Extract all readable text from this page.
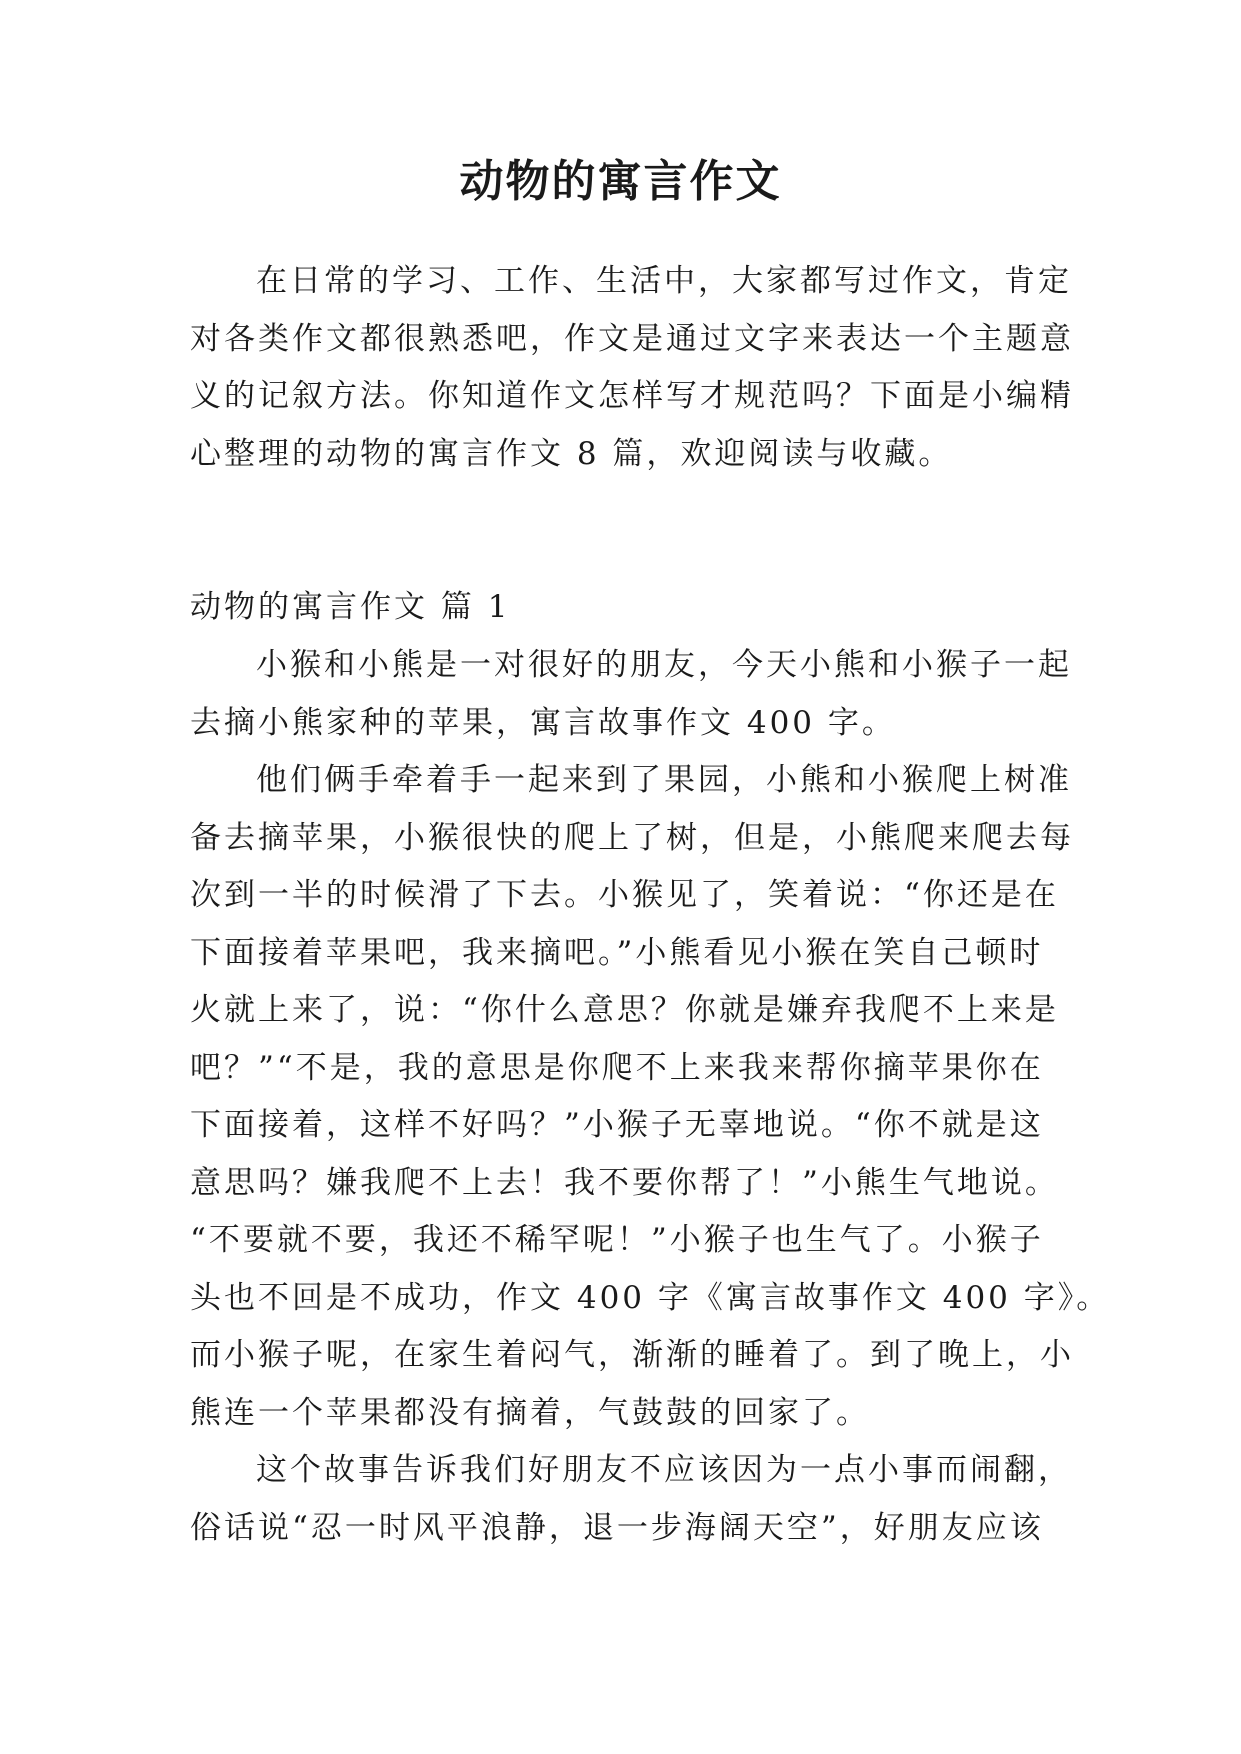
动物的寓言作文
在日常的学习、工作、生活中，大家都写过作文，肯定
对各类作文都很熟悉吧，作文是通过文字来表达一个主题意
义的记叙方法。你知道作文怎样写才规范吗？下面是小编精
心整理的动物的寓言作文 8 篇，欢迎阅读与收藏。
动物的寓言作文 篇 1
小猴和小熊是一对很好的朋友，今天小熊和小猴子一起
去摘小熊家种的苹果，寓言故事作文 400 字。
他们俩手牵着手一起来到了果园，小熊和小猴爬上树准
备去摘苹果，小猴很快的爬上了树，但是，小熊爬来爬去每
次到一半的时候滑了下去。小猴见了，笑着说：“你还是在
下面接着苹果吧，我来摘吧。”小熊看见小猴在笑自己顿时
火就上来了，说：“你什么意思？你就是嫌弃我爬不上来是
吧？”“不是，我的意思是你爬不上来我来帮你摘苹果你在
下面接着，这样不好吗？”小猴子无辜地说。“你不就是这
意思吗？嫌我爬不上去！我不要你帮了！”小熊生气地说。
“不要就不要，我还不稀罕呢！”小猴子也生气了。小猴子
头也不回是不成功，作文 400 字《寓言故事作文 400 字》。
而小猴子呢，在家生着闷气，渐渐的睡着了。到了晚上，小
熊连一个苹果都没有摘着，气鼓鼓的回家了。
这个故事告诉我们好朋友不应该因为一点小事而闹翻，
俗话说“忍一时风平浪静，退一步海阔天空”，好朋友应该
